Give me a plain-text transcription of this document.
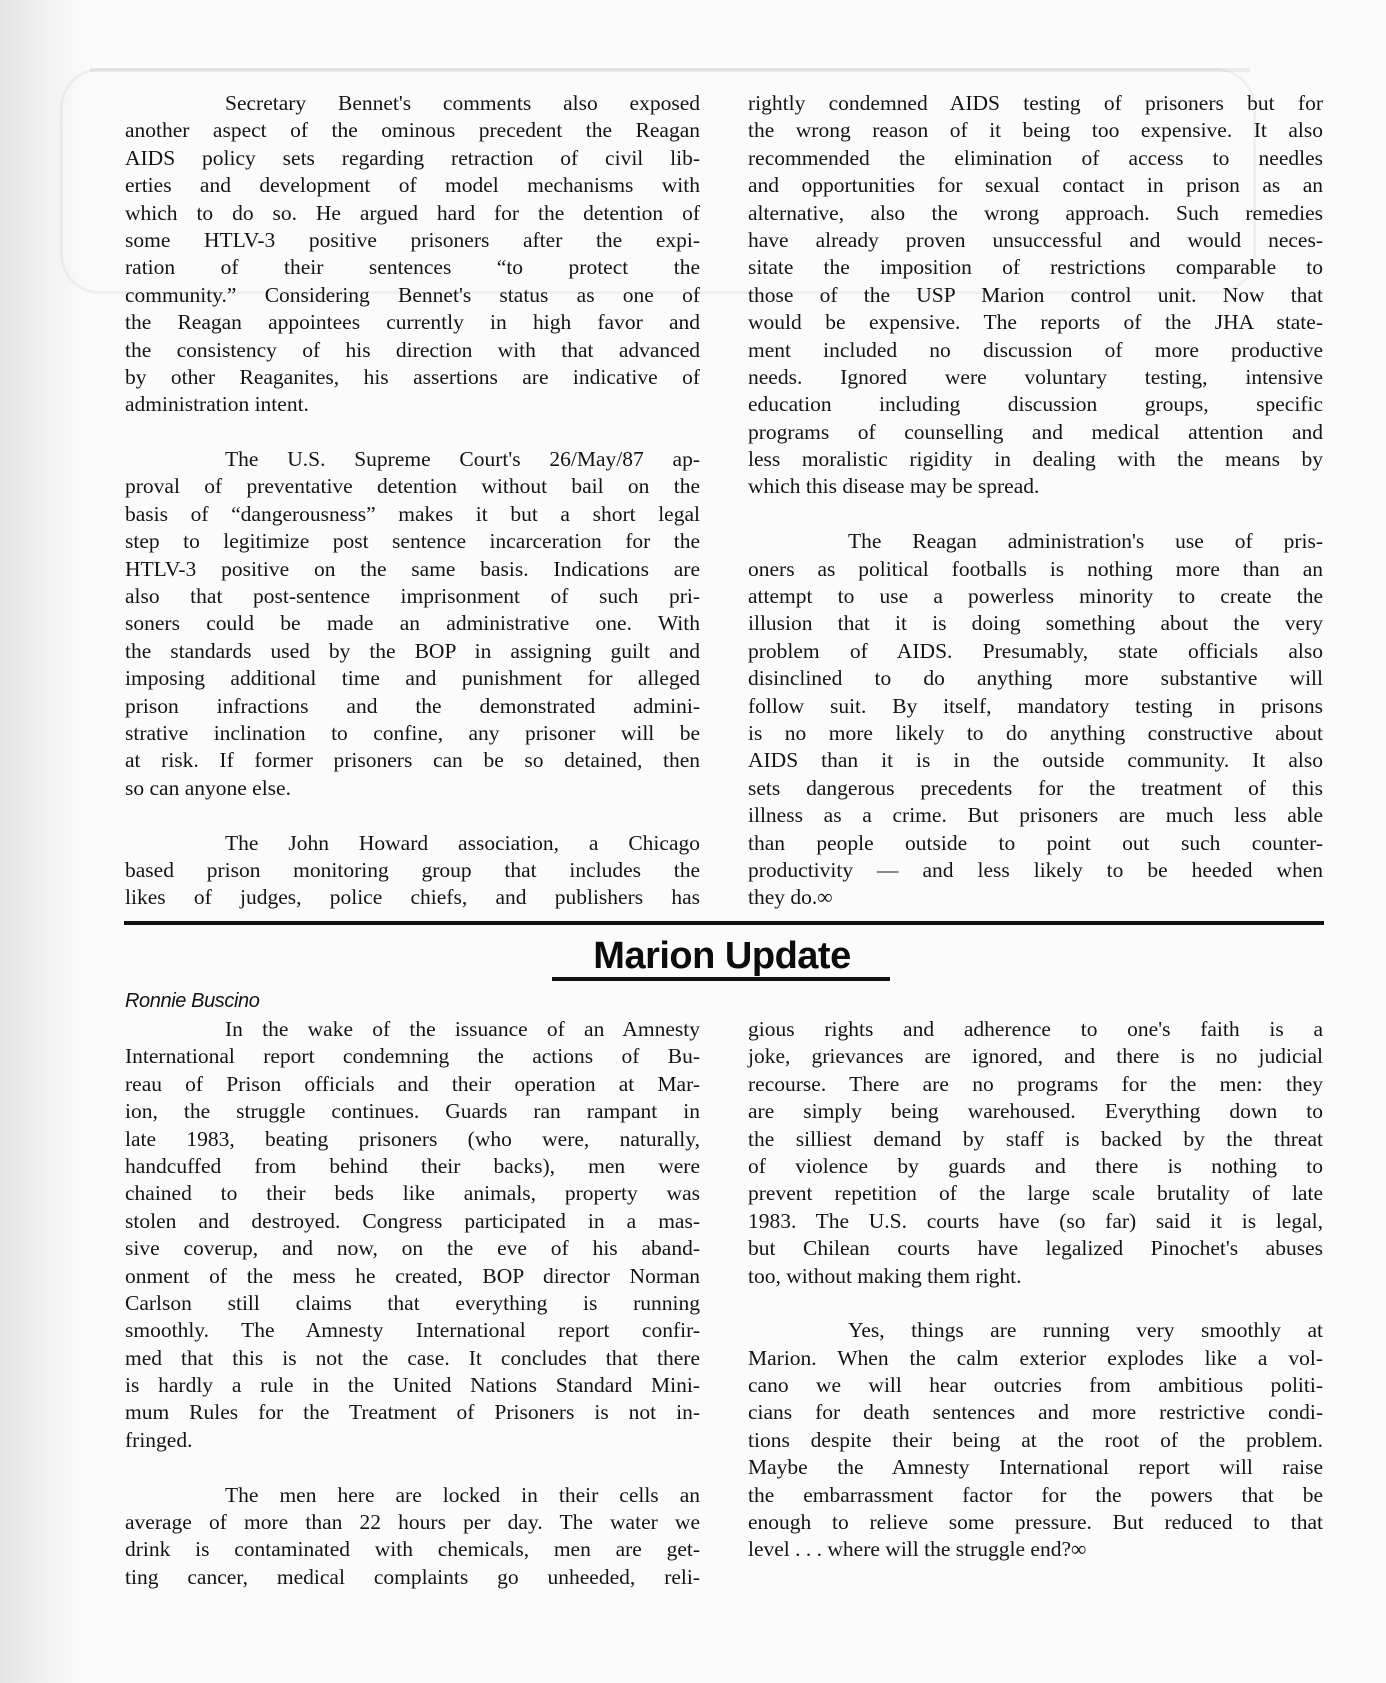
Secretary Bennet's comments also exposed
another aspect of the ominous precedent the Reagan
AIDS policy sets regarding retraction of civil lib-
erties and development of model mechanisms with
which to do so. He argued hard for the detention of
some HTLV-3 positive prisoners after the expi-
ration of their sentences “to protect the
community.” Considering Bennet's status as one of
the Reagan appointees currently in high favor and
the consistency of his direction with that advanced
by other Reaganites, his assertions are indicative of
administration intent.
The U.S. Supreme Court's 26/May/87 ap-
proval of preventative detention without bail on the
basis of “dangerousness” makes it but a short legal
step to legitimize post sentence incarceration for the
HTLV-3 positive on the same basis. Indications are
also that post-sentence imprisonment of such pri-
soners could be made an administrative one. With
the standards used by the BOP in assigning guilt and
imposing additional time and punishment for alleged
prison infractions and the demonstrated admini-
strative inclination to confine, any prisoner will be
at risk. If former prisoners can be so detained, then
so can anyone else.
The John Howard association, a Chicago
based prison monitoring group that includes the
likes of judges, police chiefs, and publishers has
rightly condemned AIDS testing of prisoners but for
the wrong reason of it being too expensive. It also
recommended the elimination of access to needles
and opportunities for sexual contact in prison as an
alternative, also the wrong approach. Such remedies
have already proven unsuccessful and would neces-
sitate the imposition of restrictions comparable to
those of the USP Marion control unit. Now that
would be expensive. The reports of the JHA state-
ment included no discussion of more productive
needs. Ignored were voluntary testing, intensive
education including discussion groups, specific
programs of counselling and medical attention and
less moralistic rigidity in dealing with the means by
which this disease may be spread.
The Reagan administration's use of pris-
oners as political footballs is nothing more than an
attempt to use a powerless minority to create the
illusion that it is doing something about the very
problem of AIDS. Presumably, state officials also
disinclined to do anything more substantive will
follow suit. By itself, mandatory testing in prisons
is no more likely to do anything constructive about
AIDS than it is in the outside community. It also
sets dangerous precedents for the treatment of this
illness as a crime. But prisoners are much less able
than people outside to point out such counter-
productivity — and less likely to be heeded when
they do.∞
Marion Update
Ronnie Buscino
In the wake of the issuance of an Amnesty
International report condemning the actions of Bu-
reau of Prison officials and their operation at Mar-
ion, the struggle continues. Guards ran rampant in
late 1983, beating prisoners (who were, naturally,
handcuffed from behind their backs), men were
chained to their beds like animals, property was
stolen and destroyed. Congress participated in a mas-
sive coverup, and now, on the eve of his aband-
onment of the mess he created, BOP director Norman
Carlson still claims that everything is running
smoothly. The Amnesty International report confir-
med that this is not the case. It concludes that there
is hardly a rule in the United Nations Standard Mini-
mum Rules for the Treatment of Prisoners is not in-
fringed.
The men here are locked in their cells an
average of more than 22 hours per day. The water we
drink is contaminated with chemicals, men are get-
ting cancer, medical complaints go unheeded, reli-
gious rights and adherence to one's faith is a
joke, grievances are ignored, and there is no judicial
recourse. There are no programs for the men: they
are simply being warehoused. Everything down to
the silliest demand by staff is backed by the threat
of violence by guards and there is nothing to
prevent repetition of the large scale brutality of late
1983. The U.S. courts have (so far) said it is legal,
but Chilean courts have legalized Pinochet's abuses
too, without making them right.
Yes, things are running very smoothly at
Marion. When the calm exterior explodes like a vol-
cano we will hear outcries from ambitious politi-
cians for death sentences and more restrictive condi-
tions despite their being at the root of the problem.
Maybe the Amnesty International report will raise
the embarrassment factor for the powers that be
enough to relieve some pressure. But reduced to that
level . . . where will the struggle end?∞
